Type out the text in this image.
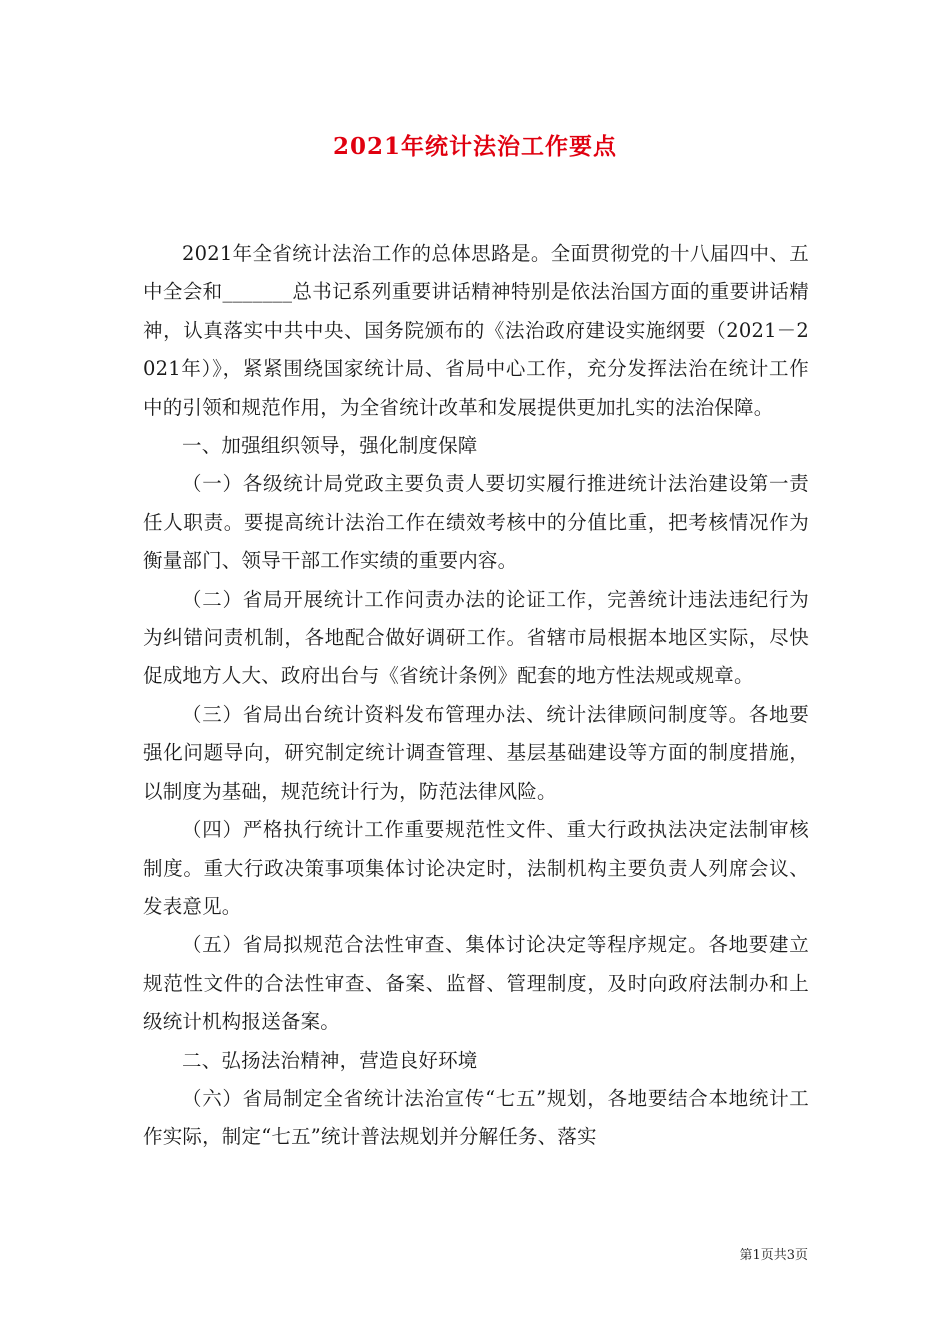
2021年统计法治工作要点

2021年全省统计法治工作的总体思路是。全面贯彻党的十八届四中、五中全会和_______总书记系列重要讲话精神特别是依法治国方面的重要讲话精神，认真落实中共中央、国务院颁布的《法治政府建设实施纲要（2021－2021年）》，紧紧围绕国家统计局、省局中心工作，充分发挥法治在统计工作中的引领和规范作用，为全省统计改革和发展提供更加扎实的法治保障。

一、加强组织领导，强化制度保障

（一）各级统计局党政主要负责人要切实履行推进统计法治建设第一责任人职责。要提高统计法治工作在绩效考核中的分值比重，把考核情况作为衡量部门、领导干部工作实绩的重要内容。

（二）省局开展统计工作问责办法的论证工作，完善统计违法违纪行为为纠错问责机制，各地配合做好调研工作。省辖市局根据本地区实际，尽快促成地方人大、政府出台与《省统计条例》配套的地方性法规或规章。

（三）省局出台统计资料发布管理办法、统计法律顾问制度等。各地要强化问题导向，研究制定统计调查管理、基层基础建设等方面的制度措施，以制度为基础，规范统计行为，防范法律风险。

（四）严格执行统计工作重要规范性文件、重大行政执法决定法制审核制度。重大行政决策事项集体讨论决定时，法制机构主要负责人列席会议、发表意见。

（五）省局拟规范合法性审查、集体讨论决定等程序规定。各地要建立规范性文件的合法性审查、备案、监督、管理制度，及时向政府法制办和上级统计机构报送备案。

二、弘扬法治精神，营造良好环境

（六）省局制定全省统计法治宣传“七五”规划，各地要结合本地统计工作实际，制定“七五”统计普法规划并分解任务、落实

第1页共3页
